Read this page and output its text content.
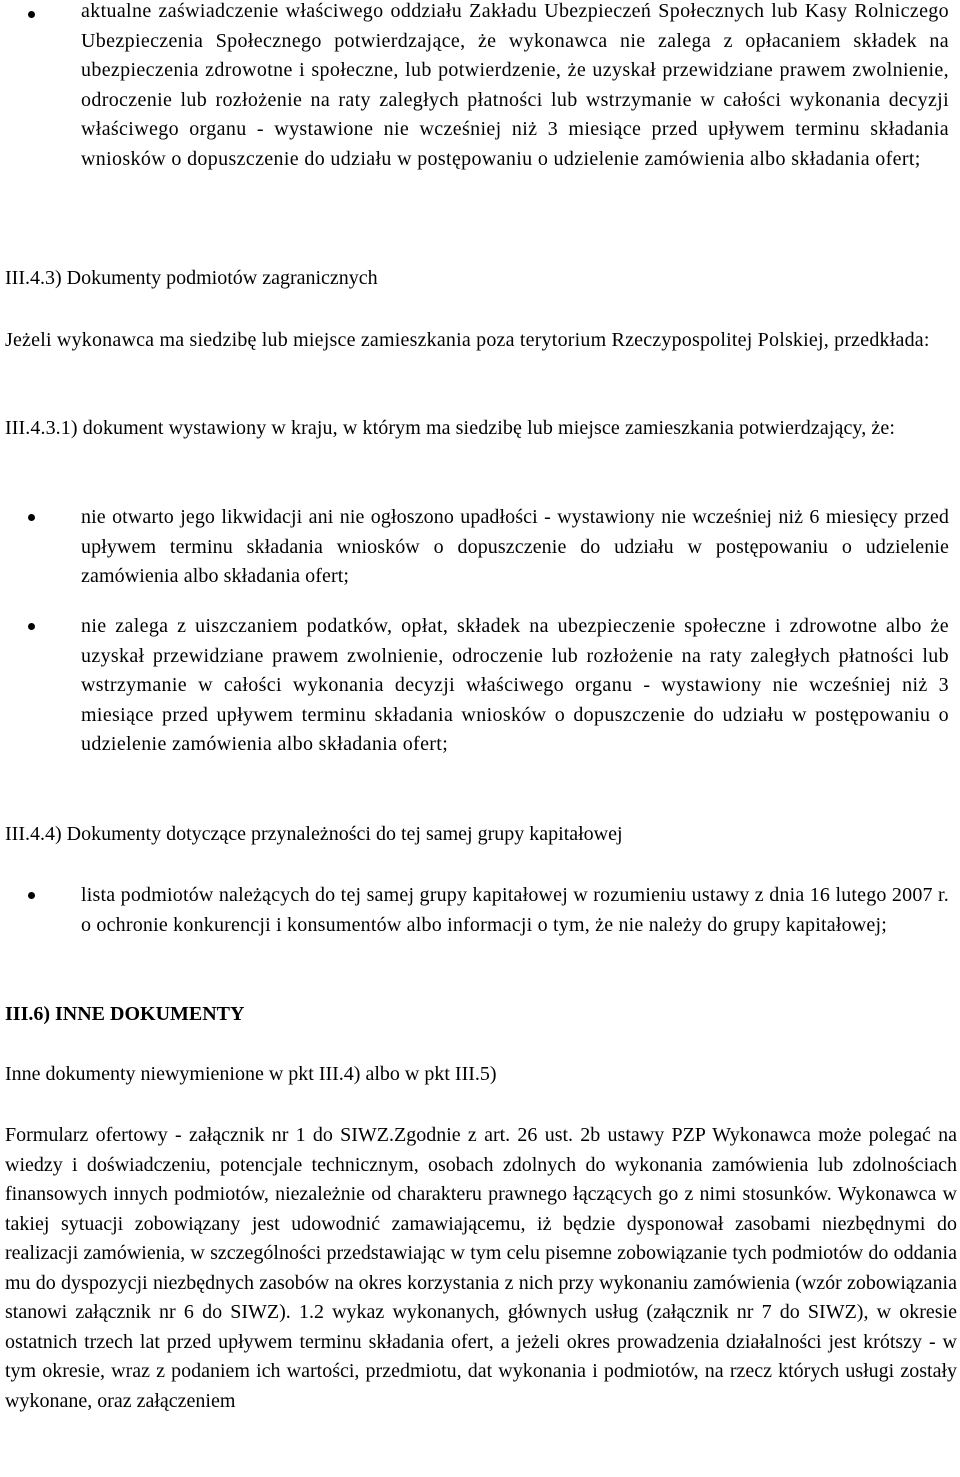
aktualne zaświadczenie właściwego oddziału Zakładu Ubezpieczeń Społecznych lub Kasy Rolniczego Ubezpieczenia Społecznego potwierdzające, że wykonawca nie zalega z opłacaniem składek na ubezpieczenia zdrowotne i społeczne, lub potwierdzenie, że uzyskał przewidziane prawem zwolnienie, odroczenie lub rozłożenie na raty zaległych płatności lub wstrzymanie w całości wykonania decyzji właściwego organu - wystawione nie wcześniej niż 3 miesiące przed upływem terminu składania wniosków o dopuszczenie do udziału w postępowaniu o udzielenie zamówienia albo składania ofert;

III.4.3) Dokumenty podmiotów zagranicznych

Jeżeli wykonawca ma siedzibę lub miejsce zamieszkania poza terytorium Rzeczypospolitej Polskiej, przedkłada:

III.4.3.1) dokument wystawiony w kraju, w którym ma siedzibę lub miejsce zamieszkania potwierdzający, że:

nie otwarto jego likwidacji ani nie ogłoszono upadłości - wystawiony nie wcześniej niż 6 miesięcy przed upływem terminu składania wniosków o dopuszczenie do udziału w postępowaniu o udzielenie zamówienia albo składania ofert;

nie zalega z uiszczaniem podatków, opłat, składek na ubezpieczenie społeczne i zdrowotne albo że uzyskał przewidziane prawem zwolnienie, odroczenie lub rozłożenie na raty zaległych płatności lub wstrzymanie w całości wykonania decyzji właściwego organu - wystawiony nie wcześniej niż 3 miesiące przed upływem terminu składania wniosków o dopuszczenie do udziału w postępowaniu o udzielenie zamówienia albo składania ofert;

III.4.4) Dokumenty dotyczące przynależności do tej samej grupy kapitałowej

lista podmiotów należących do tej samej grupy kapitałowej w rozumieniu ustawy z dnia 16 lutego 2007 r. o ochronie konkurencji i konsumentów albo informacji o tym, że nie należy do grupy kapitałowej;

III.6) INNE DOKUMENTY

Inne dokumenty niewymienione w pkt III.4) albo w pkt III.5)

Formularz ofertowy - załącznik nr 1 do SIWZ.Zgodnie z art. 26 ust. 2b ustawy PZP Wykonawca może polegać na wiedzy i doświadczeniu, potencjale technicznym, osobach zdolnych do wykonania zamówienia lub zdolnościach finansowych innych podmiotów, niezależnie od charakteru prawnego łączących go z nimi stosunków. Wykonawca w takiej sytuacji zobowiązany jest udowodnić zamawiającemu, iż będzie dysponował zasobami niezbędnymi do realizacji zamówienia, w szczególności przedstawiając w tym celu pisemne zobowiązanie tych podmiotów do oddania mu do dyspozycji niezbędnych zasobów na okres korzystania z nich przy wykonaniu zamówienia (wzór zobowiązania stanowi załącznik nr 6 do SIWZ). 1.2 wykaz wykonanych, głównych usług (załącznik nr 7 do SIWZ), w okresie ostatnich trzech lat przed upływem terminu składania ofert, a jeżeli okres prowadzenia działalności jest krótszy - w tym okresie, wraz z podaniem ich wartości, przedmiotu, dat wykonania i podmiotów, na rzecz których usługi zostały wykonane, oraz załączeniem
